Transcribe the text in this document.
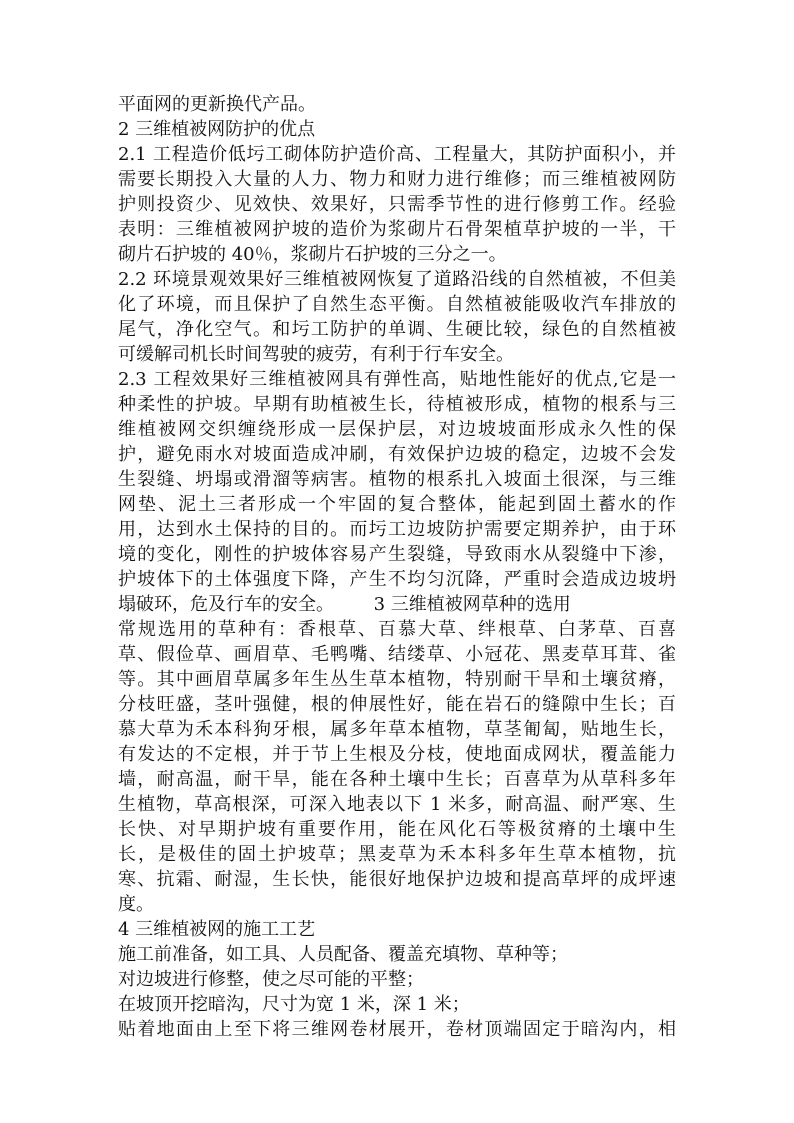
平面网的更新换代产品。
2 三维植被网防护的优点
2.1 工程造价低圬工砌体防护造价高、工程量大，其防护面积小，并
需要长期投入大量的人力、物力和财力进行维修；而三维植被网防
护则投资少、见效快、效果好，只需季节性的进行修剪工作。经验
表明：三维植被网护坡的造价为浆砌片石骨架植草护坡的一半，干
砌片石护坡的 40％，浆砌片石护坡的三分之一。
2.2 环境景观效果好三维植被网恢复了道路沿线的自然植被，不但美
化了环境，而且保护了自然生态平衡。自然植被能吸收汽车排放的
尾气，净化空气。和圬工防护的单调、生硬比较，绿色的自然植被
可缓解司机长时间驾驶的疲劳，有利于行车安全。
2.3 工程效果好三维植被网具有弹性高，贴地性能好的优点,它是一
种柔性的护坡。早期有助植被生长，待植被形成，植物的根系与三
维植被网交织缠绕形成一层保护层，对边坡坡面形成永久性的保
护，避免雨水对坡面造成冲刷，有效保护边坡的稳定，边坡不会发
生裂缝、坍塌或滑溜等病害。植物的根系扎入坡面土很深，与三维
网垫、泥土三者形成一个牢固的复合整体，能起到固土蓄水的作
用，达到水土保持的目的。而圬工边坡防护需要定期养护，由于环
境的变化，刚性的护坡体容易产生裂缝，导致雨水从裂缝中下渗，
护坡体下的土体强度下降，产生不均匀沉降，严重时会造成边坡坍
塌破环，危及行车的安全。 3 三维植被网草种的选用
常规选用的草种有：香根草、百慕大草、绊根草、白茅草、百喜
草、假俭草、画眉草、毛鸭嘴、结缕草、小冠花、黑麦草耳茸、雀
等。其中画眉草属多年生丛生草本植物，特别耐干旱和土壤贫瘠，
分枝旺盛，茎叶强健，根的伸展性好，能在岩石的缝隙中生长；百
慕大草为禾本科狗牙根，属多年草本植物，草茎匍匐，贴地生长，
有发达的不定根，并于节上生根及分枝，使地面成网状，覆盖能力
墙，耐高温，耐干旱，能在各种土壤中生长；百喜草为从草科多年
生植物，草高根深，可深入地表以下 1 米多，耐高温、耐严寒、生
长快、对早期护坡有重要作用，能在风化石等极贫瘠的土壤中生
长，是极佳的固土护坡草；黑麦草为禾本科多年生草本植物，抗
寒、抗霜、耐湿，生长快，能很好地保护边坡和提高草坪的成坪速
度。
4 三维植被网的施工工艺
施工前准备，如工具、人员配备、覆盖充填物、草种等；
对边坡进行修整，使之尽可能的平整；
在坡顶开挖暗沟，尺寸为宽 1 米，深 1 米；
贴着地面由上至下将三维网卷材展开，卷材顶端固定于暗沟内，相
